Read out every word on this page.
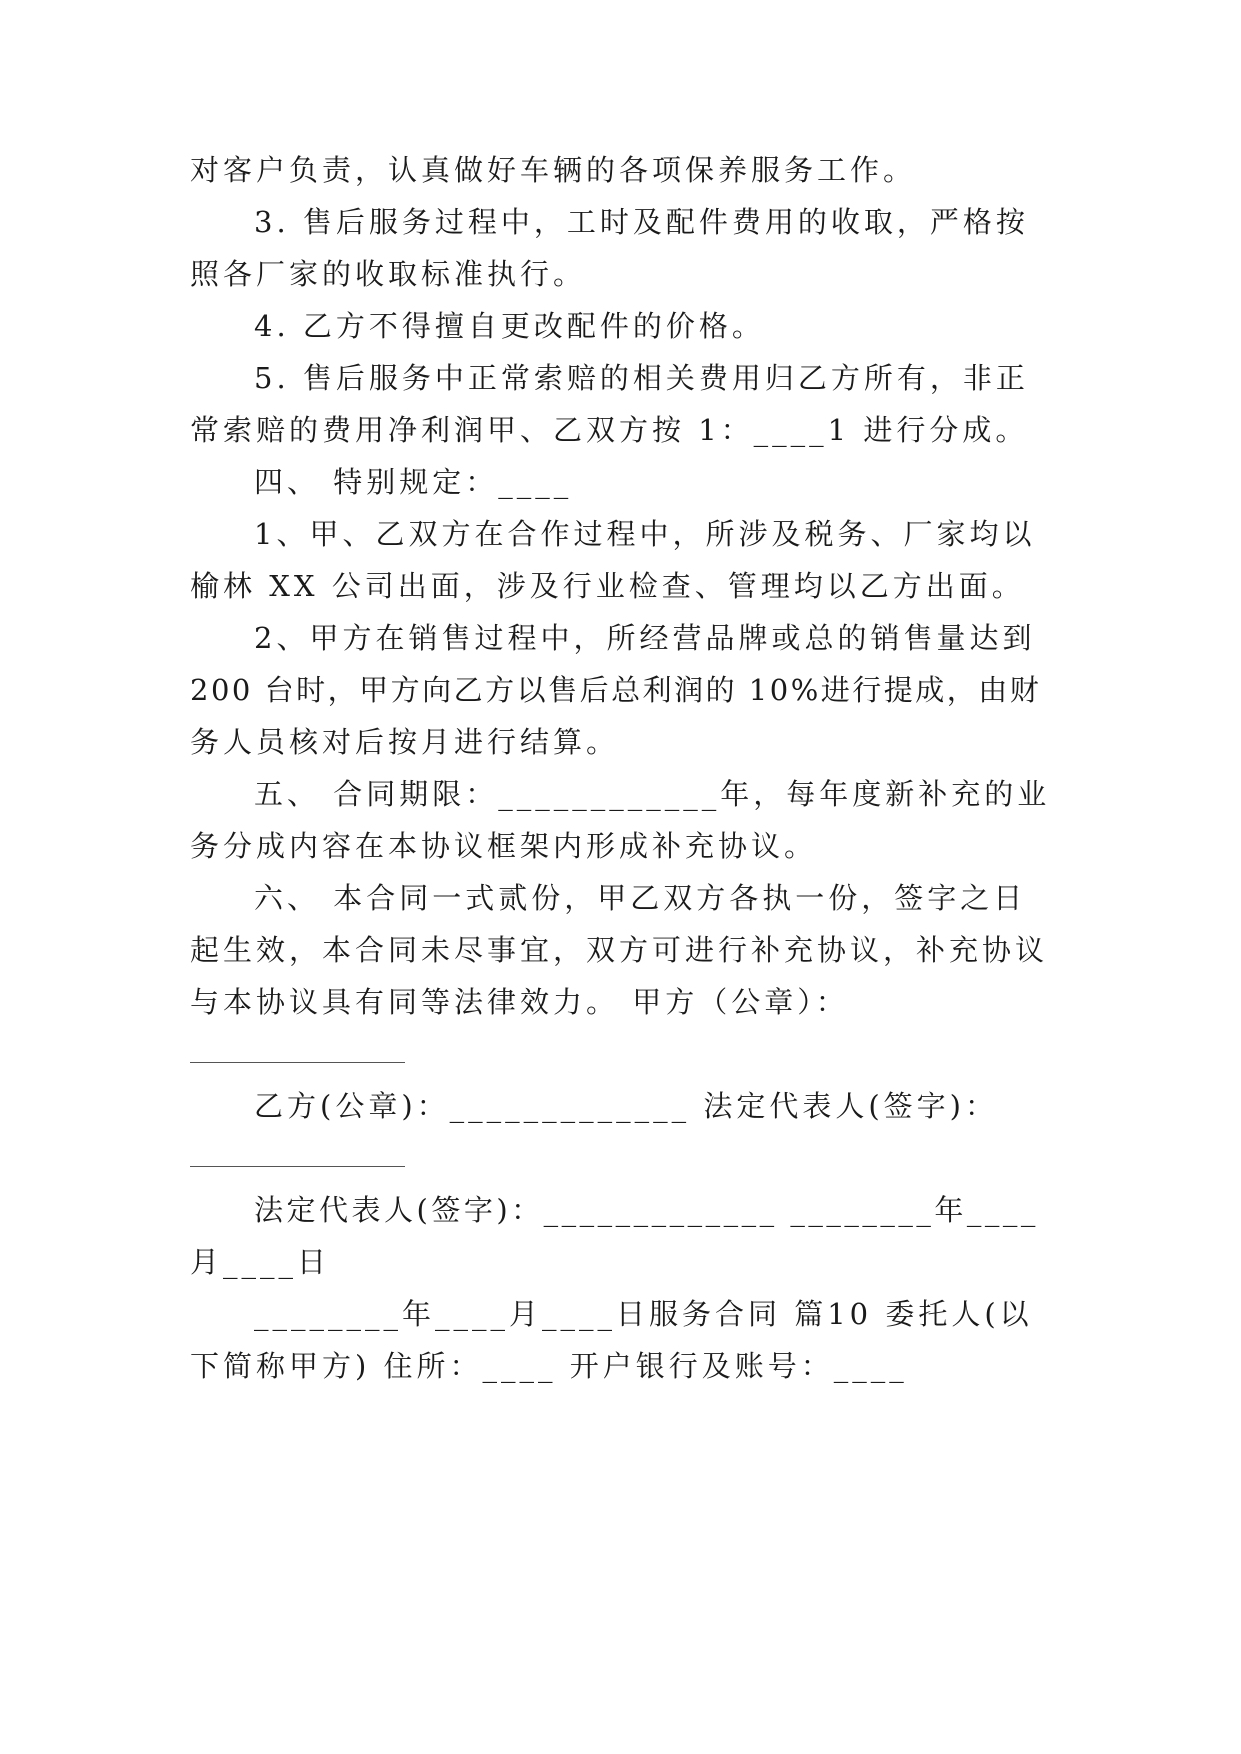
对客户负责，认真做好车辆的各项保养服务工作。
3. 售后服务过程中，工时及配件费用的收取，严格按
照各厂家的收取标准执行。
4. 乙方不得擅自更改配件的价格。
5. 售后服务中正常索赔的相关费用归乙方所有，非正
常索赔的费用净利润甲、乙双方按 1：____1 进行分成。
四、 特别规定：____
1、甲、乙双方在合作过程中，所涉及税务、厂家均以
榆林 XX 公司出面，涉及行业检查、管理均以乙方出面。
2、甲方在销售过程中，所经营品牌或总的销售量达到
200 台时，甲方向乙方以售后总利润的 10%进行提成，由财
务人员核对后按月进行结算。
五、 合同期限：____________年，每年度新补充的业
务分成内容在本协议框架内形成补充协议。
六、 本合同一式贰份，甲乙双方各执一份，签字之日
起生效，本合同未尽事宜，双方可进行补充协议，补充协议
与本协议具有同等法律效力。 甲方（公章）：
乙方(公章)：_____________ 法定代表人(签字)：
法定代表人(签字)：_____________ ________年____
月____日
________年____月____日服务合同 篇10 委托人(以
下简称甲方) 住所：____ 开户银行及账号：____
